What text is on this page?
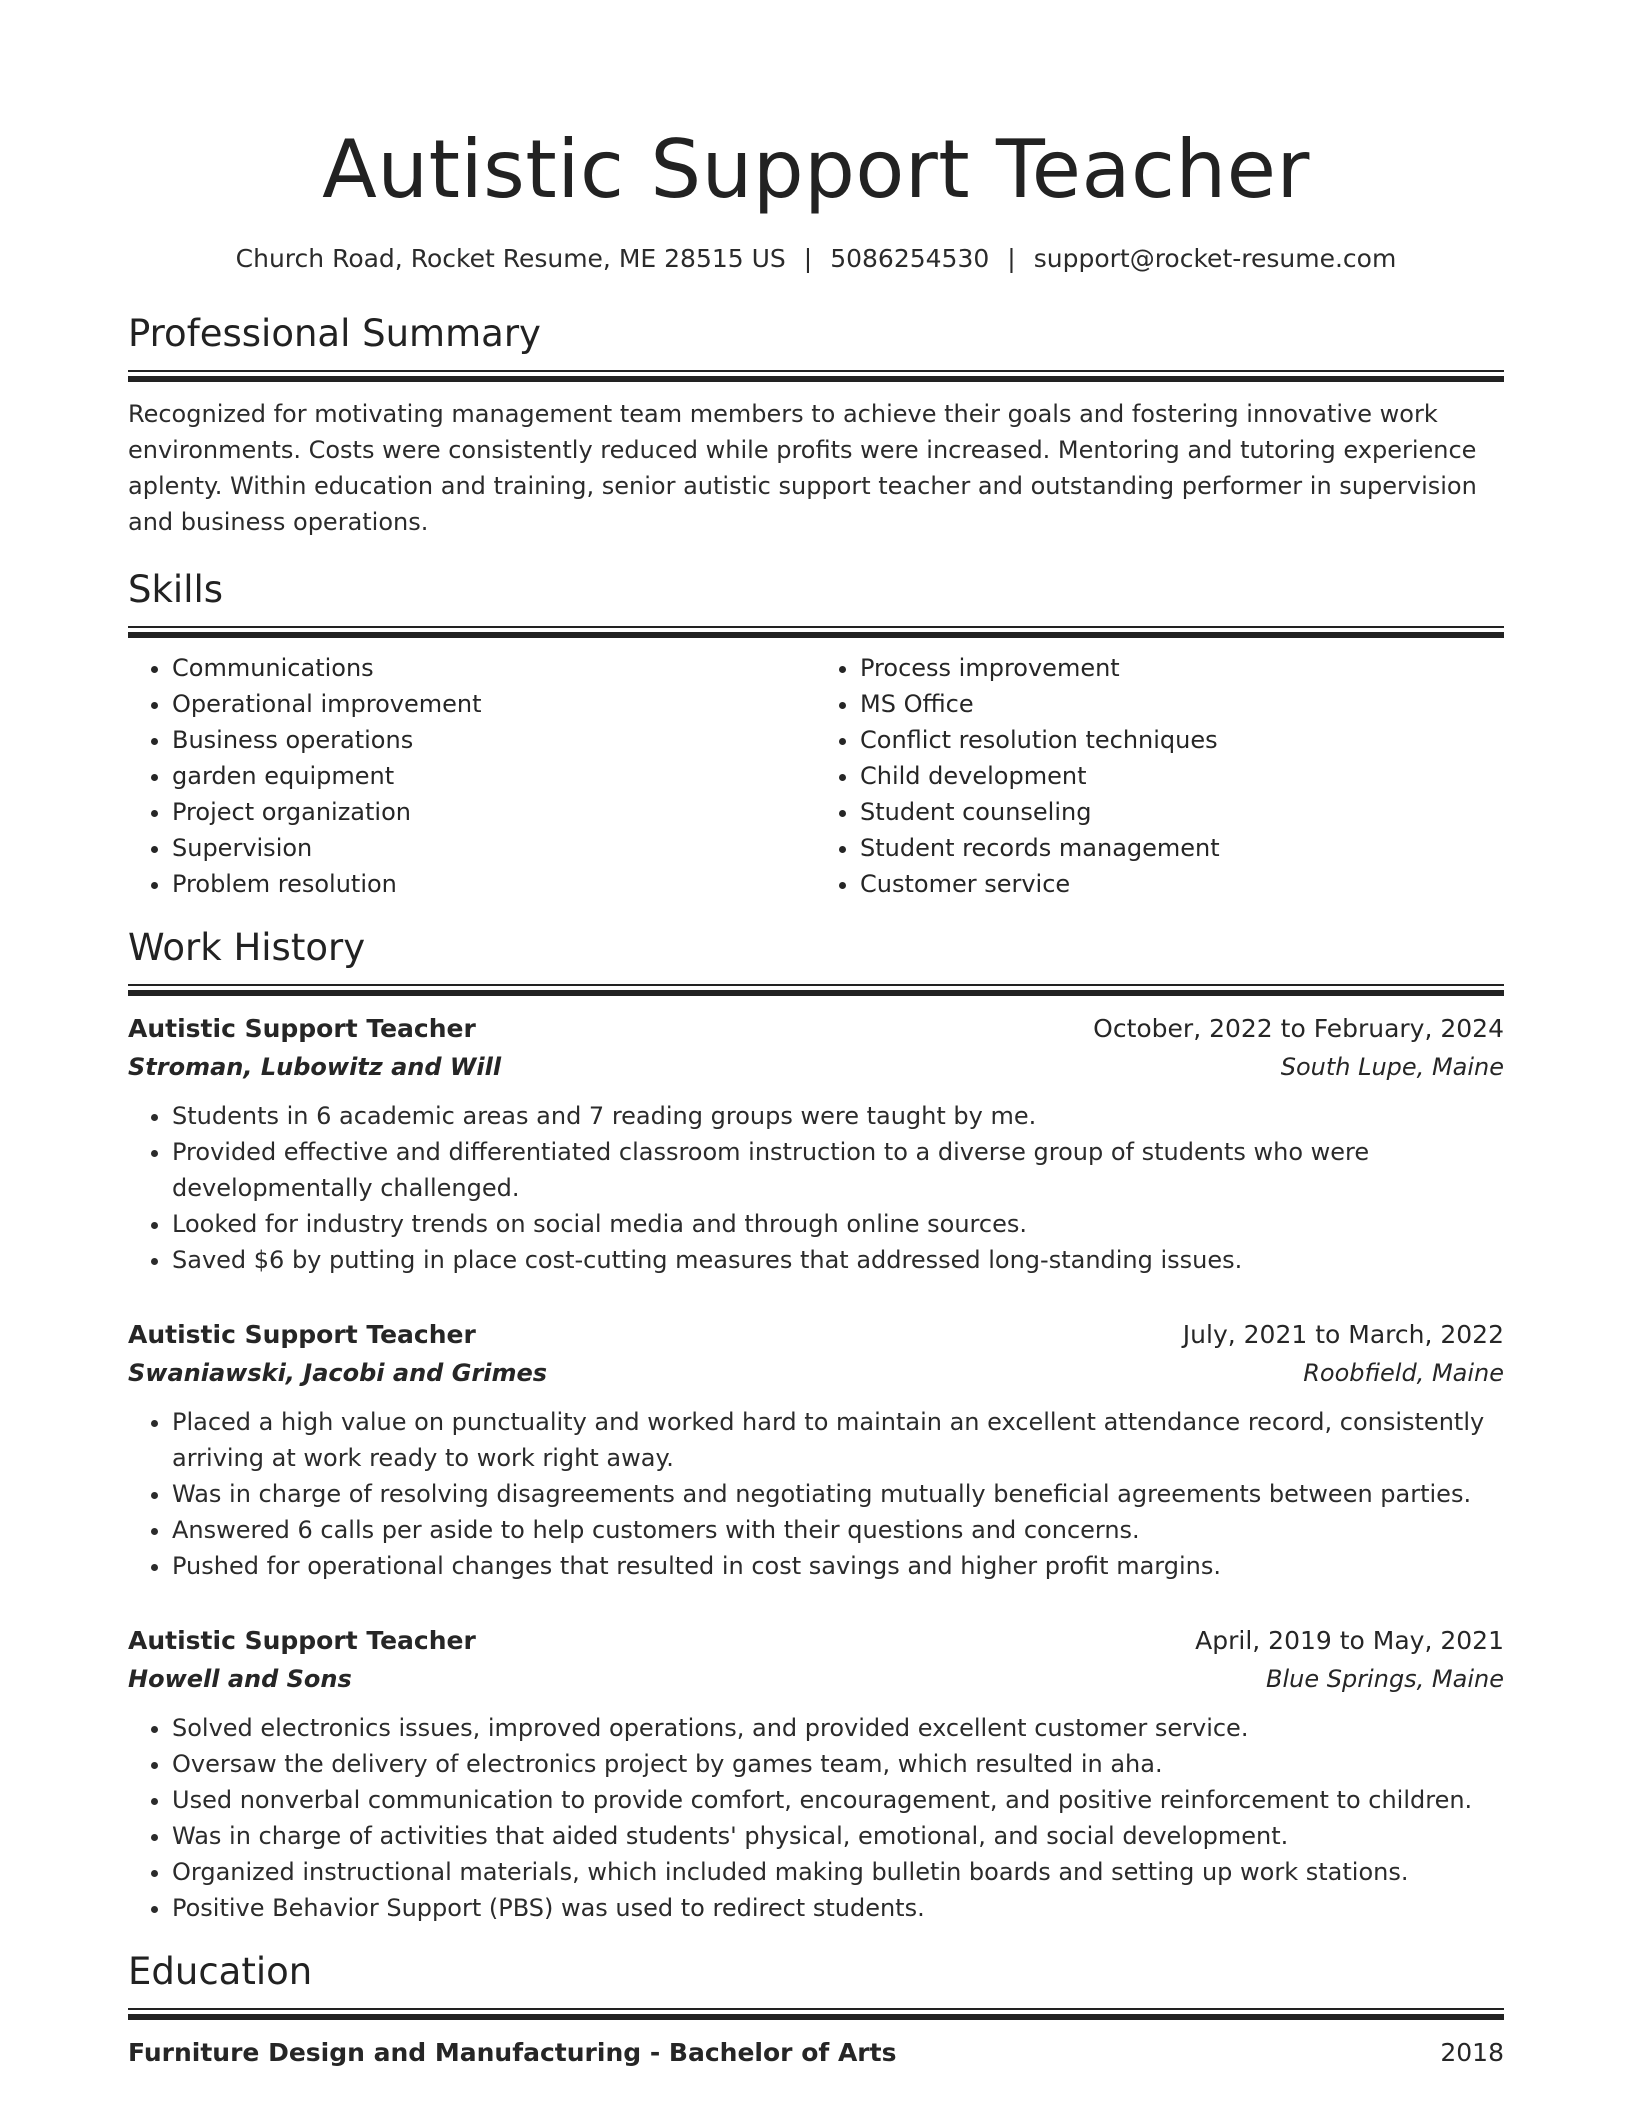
Autistic Support Teacher
Church Road, Rocket Resume, ME 28515 US | 5086254530 | support@rocket-resume.com
Professional Summary
Recognized for motivating management team members to achieve their goals and fostering innovative work environments. Costs were consistently reduced while profits were increased. Mentoring and tutoring experience aplenty. Within education and training, senior autistic support teacher and outstanding performer in supervision and business operations.
Skills
• Communications
• Operational improvement
• Business operations
• garden equipment
• Project organization
• Supervision
• Problem resolution
• Process improvement
• MS Office
• Conflict resolution techniques
• Child development
• Student counseling
• Student records management
• Customer service
Work History
Autistic Support Teacher	October, 2022 to February, 2024
Stroman, Lubowitz and Will	South Lupe, Maine
• Students in 6 academic areas and 7 reading groups were taught by me.
• Provided effective and differentiated classroom instruction to a diverse group of students who were developmentally challenged.
• Looked for industry trends on social media and through online sources.
• Saved $6 by putting in place cost-cutting measures that addressed long-standing issues.
Autistic Support Teacher	July, 2021 to March, 2022
Swaniawski, Jacobi and Grimes	Roobfield, Maine
• Placed a high value on punctuality and worked hard to maintain an excellent attendance record, consistently arriving at work ready to work right away.
• Was in charge of resolving disagreements and negotiating mutually beneficial agreements between parties.
• Answered 6 calls per aside to help customers with their questions and concerns.
• Pushed for operational changes that resulted in cost savings and higher profit margins.
Autistic Support Teacher	April, 2019 to May, 2021
Howell and Sons	Blue Springs, Maine
• Solved electronics issues, improved operations, and provided excellent customer service.
• Oversaw the delivery of electronics project by games team, which resulted in aha.
• Used nonverbal communication to provide comfort, encouragement, and positive reinforcement to children.
• Was in charge of activities that aided students' physical, emotional, and social development.
• Organized instructional materials, which included making bulletin boards and setting up work stations.
• Positive Behavior Support (PBS) was used to redirect students.
Education
Furniture Design and Manufacturing - Bachelor of Arts	2018
